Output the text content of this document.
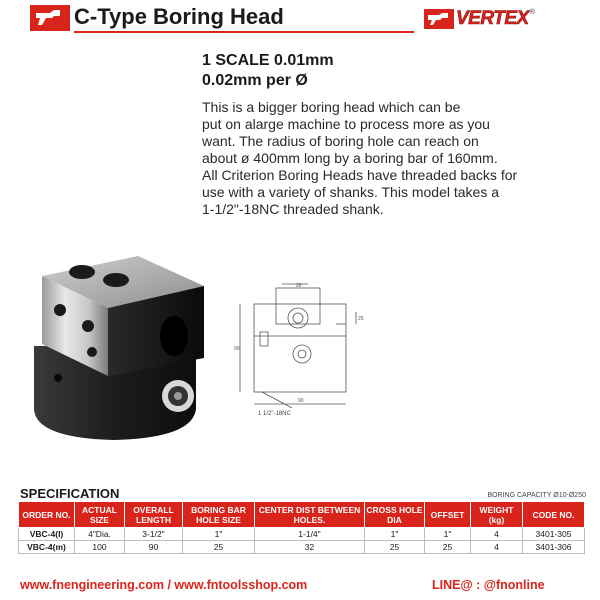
C-Type Boring Head	VERTEX ®
1 SCALE 0.01mm
0.02mm per Ø

This is a bigger boring head which can be

put on alarge machine to process more as you

want. The radius of boring hole can reach on

about ø 400mm long by a boring bar of 160mm.

All Criterion Boring Heads have threaded backs for

use with a variety of shanks. This model takes a

1-1/2"-18NC threaded shank.

26
25
90
90
1 1/2"-18NC
SPECIFICATION	BORING CAPACITY Ø10-Ø250
ORDER NO.	ACTUAL SIZE	OVERALL LENGTH	BORING BAR HOLE SIZE	CENTER DIST BETWEEN HOLES.	CROSS HOLE DIA	OFFSET	WEIGHT (kg)	CODE NO.
VBC-4(I)	4"Dia.	3-1/2"	1"	1-1/4"	1"	1"	4	3401-305
VBC-4(m)	100	90	25	32	25	25	4	3401-306
www.fnengineering.com / www.fntoolsshop.com	LINE@ : @fnonline
